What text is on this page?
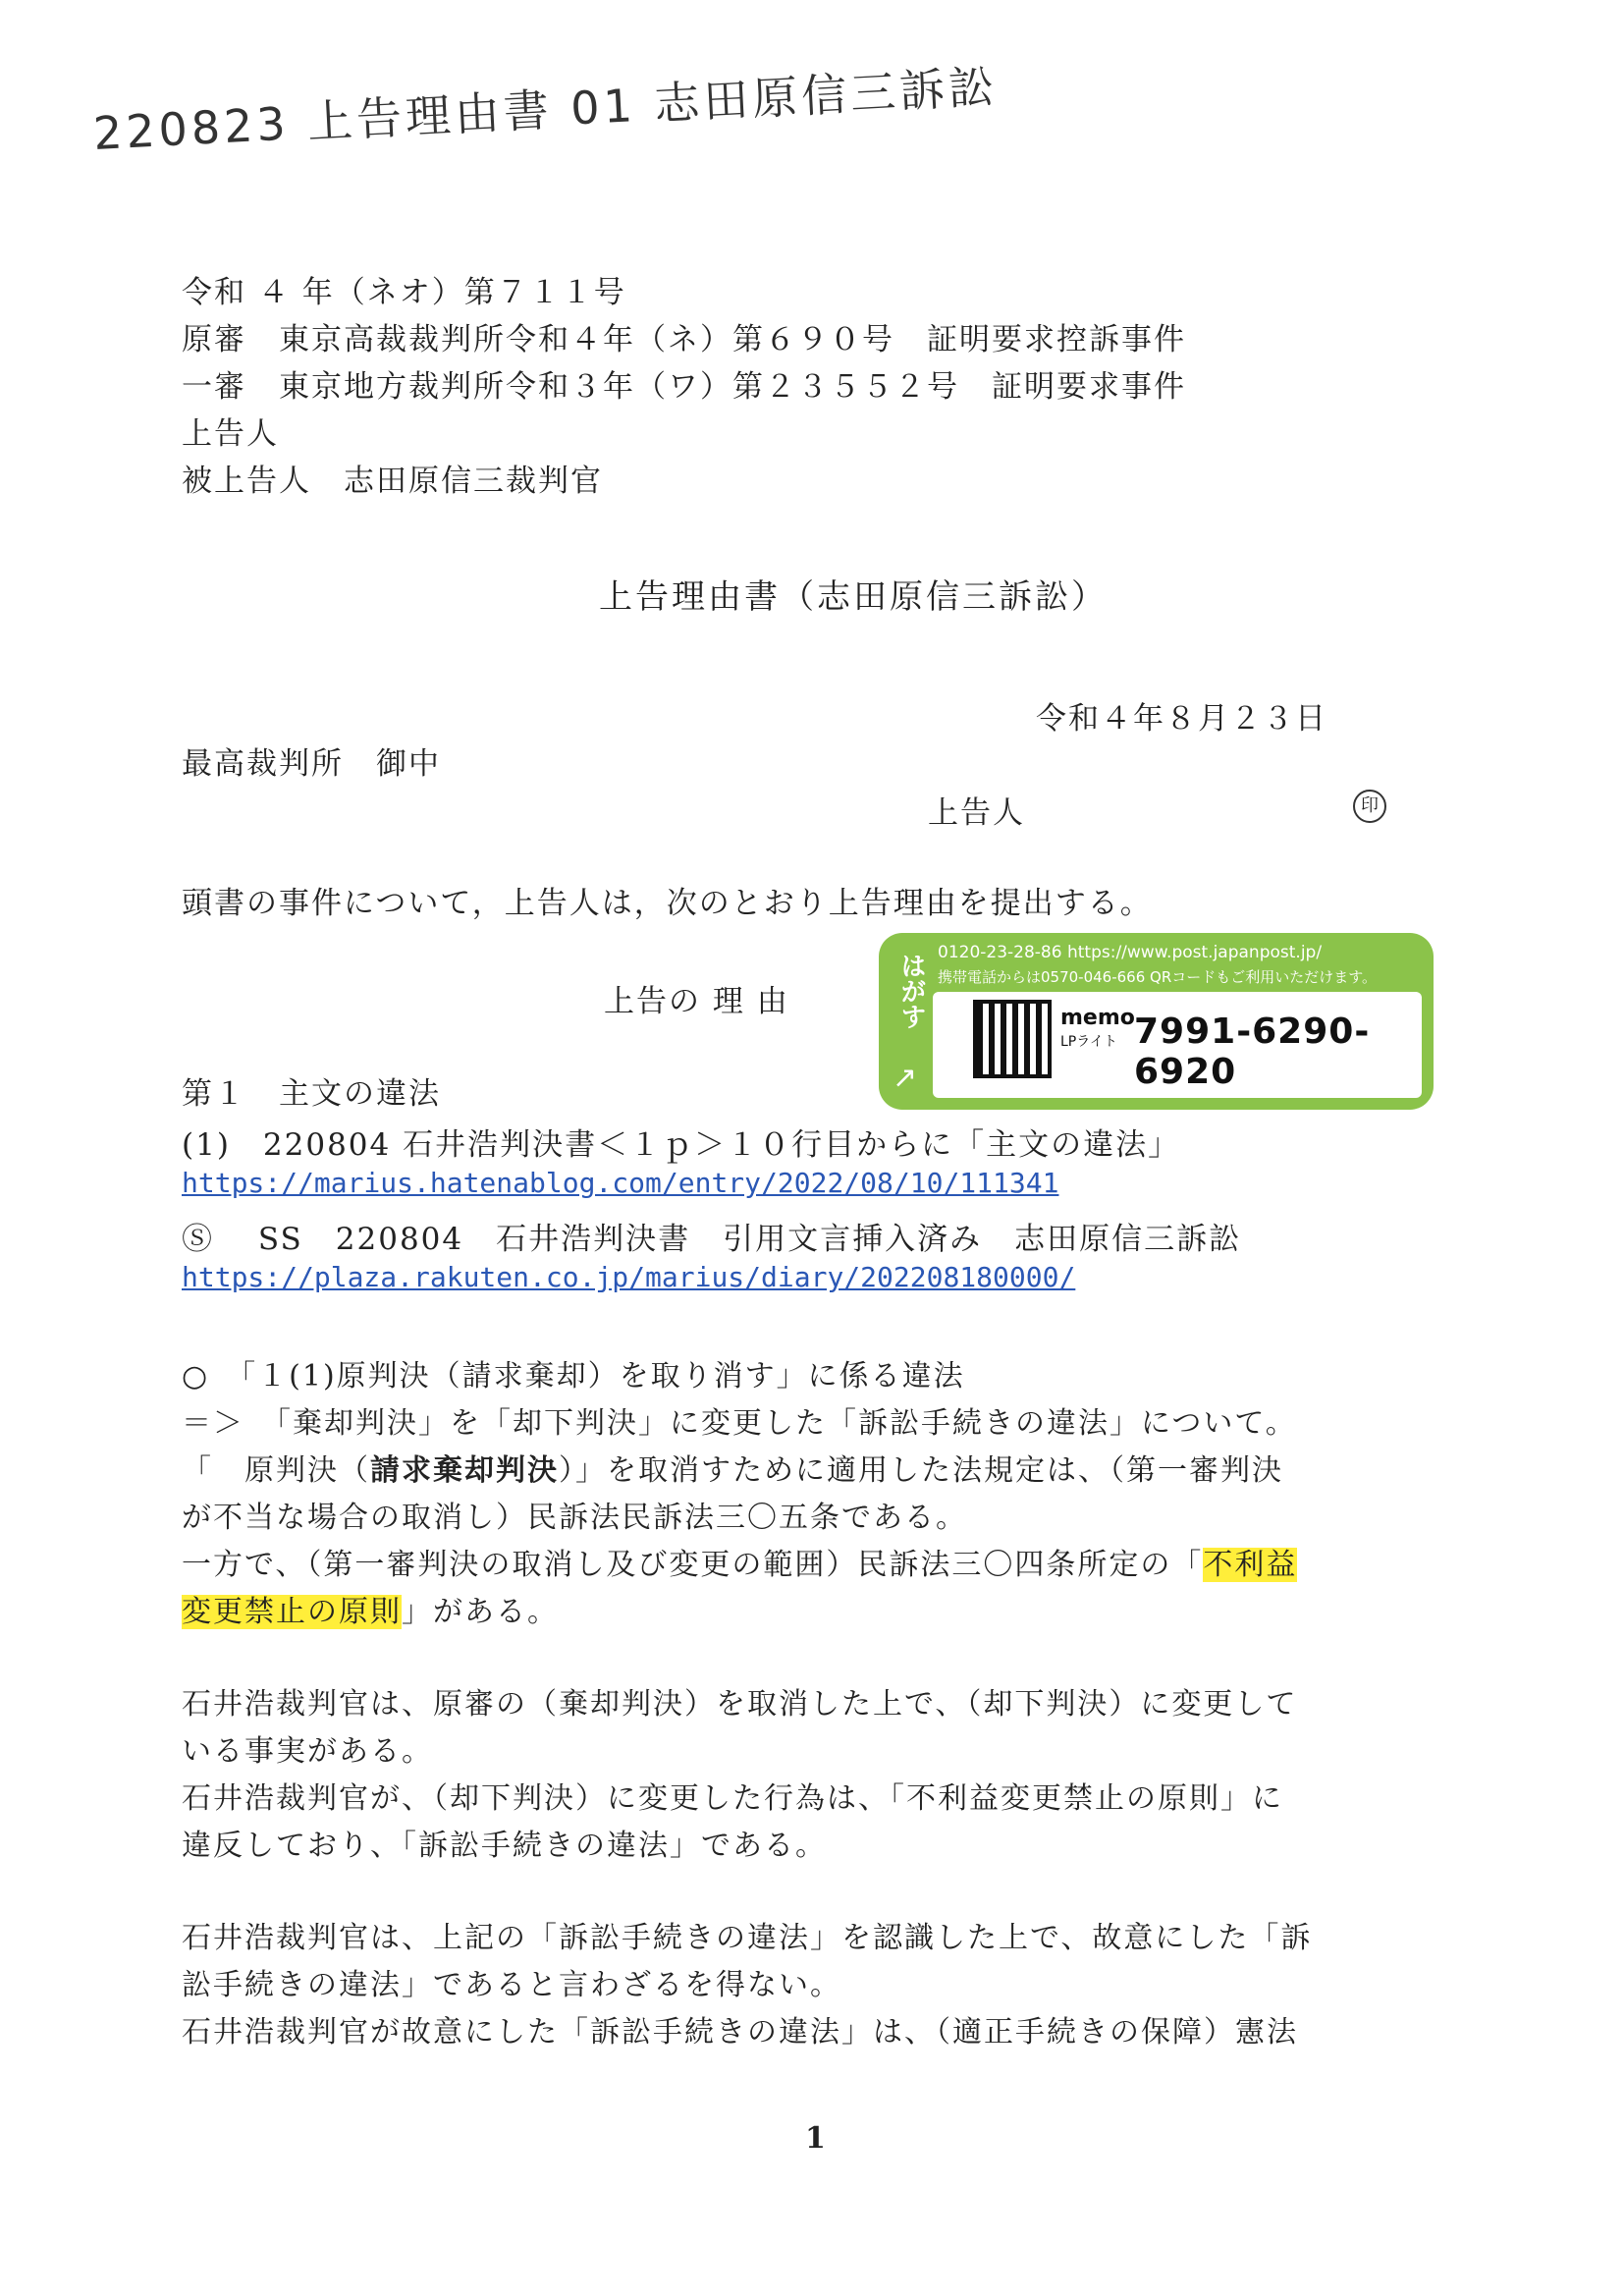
220823 上告理由書 01 志田原信三訴訟
令和 ４ 年（ネオ）第７１１号
原審　東京高裁裁判所令和４年（ネ）第６９０号　証明要求控訴事件
一審　東京地方裁判所令和３年（ワ）第２３５５２号　証明要求事件
上告人
被上告人　志田原信三裁判官
上告理由書（志田原信三訴訟）
令和４年８月２３日
最高裁判所　御中
上告人	印
頭書の事件について，上告人は，次のとおり上告理由を提出する。
上告の 理 由	はがす 0120-23-28-86 https://www.post.japanpost.jp/
携帯電話からは0570-046-666 QRコードもご利用いただけます。
memo
LPライト 7991-6290-6920
↗
第１　主文の違法
(1)　220804 石井浩判決書＜１ｐ＞１０行目からに「主文の違法」
https://marius.hatenablog.com/entry/2022/08/10/111341
Ⓢ　 SS　220804　石井浩判決書　引用文言挿入済み　志田原信三訴訟
https://plaza.rakuten.co.jp/marius/diary/202208180000/
○　「１(1)原判決（請求棄却）を取り消す」に係る違法
＝＞　「棄却判決」を「却下判決」に変更した「訴訟手続きの違法」について。
「　原判決（請求棄却判決）」を取消すために適用した法規定は、（第一審判決
が不当な場合の取消し）民訴法民訴法三〇五条である。
一方で、（第一審判決の取消し及び変更の範囲）民訴法三〇四条所定の「不利益
変更禁止の原則」がある。
石井浩裁判官は、原審の（棄却判決）を取消した上で、（却下判決）に変更して
いる事実がある。
石井浩裁判官が、（却下判決）に変更した行為は、「不利益変更禁止の原則」に
違反しており、「訴訟手続きの違法」である。
石井浩裁判官は、上記の「訴訟手続きの違法」を認識した上で、故意にした「訴
訟手続きの違法」であると言わざるを得ない。
石井浩裁判官が故意にした「訴訟手続きの違法」は、（適正手続きの保障）憲法
1
